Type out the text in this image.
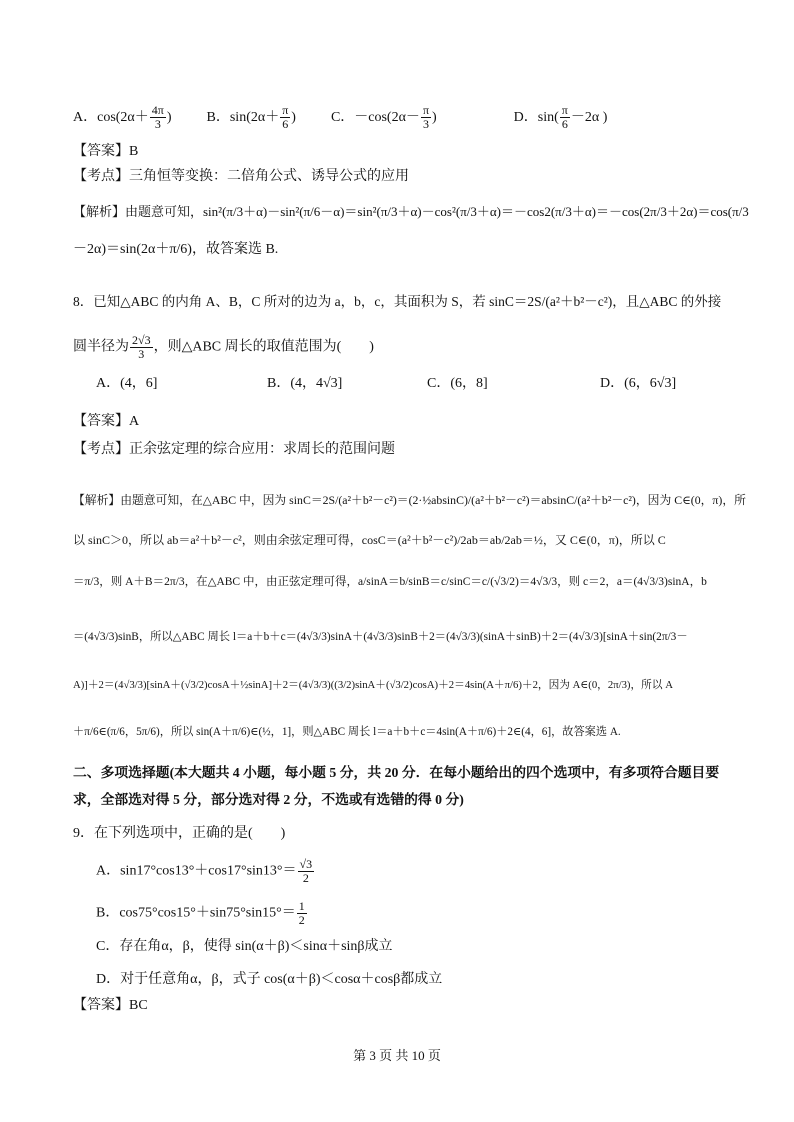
A．$\cos(2\alpha+ \frac{4\pi}{3}$ )	B．$\sin(2\alpha+ \frac{\pi}{6}$ )	C．$-\cos(2\alpha- \frac{\pi}{3}$ )	D．$\sin( \frac{\pi}{6} -2\alpha$ )
【答案】B
【考点】三角恒等变换：二倍角公式、诱导公式的应用
【解析】由题意可知，sin²(π/3＋α)－sin²(π/6－α)＝sin²(π/3＋α)－cos²(π/3＋α)＝－cos2(π/3＋α)＝－cos(2π/3＋2α)＝cos(π/3
－2α)＝sin(2α＋π/6)，故答案选 B.
8．已知△ABC 的内角 A、B，C 所对的边为 a，b，c，其面积为 S，若 sinC＝2S/(a²＋b²－c²)，且△ABC 的外接
圆半径为 $\frac{2√3}{3}$ ，则△ABC 周长的取值范围为(　　)
A．(4，6]	B．(4，4√3]	C．(6，8]	D．(6，6√3]
【答案】A
【考点】正余弦定理的综合应用：求周长的范围问题
【解析】由题意可知，在△ABC 中，因为 sinC＝2S/(a²＋b²－c²)＝(2·½absinC)/(a²＋b²－c²)＝absinC/(a²＋b²－c²)，因为 C∈(0，π)，所
以 sinC＞0，所以 ab＝a²＋b²－c²，则由余弦定理可得，cosC＝(a²＋b²－c²)/2ab＝ab/2ab＝½，又 C∈(0，π)，所以 C
＝π/3，则 A＋B＝2π/3，在△ABC 中，由正弦定理可得，a/sinA＝b/sinB＝c/sinC＝c/(√3/2)＝4√3/3，则 c＝2，a＝(4√3/3)sinA，b
＝(4√3/3)sinB，所以△ABC 周长 l＝a＋b＋c＝(4√3/3)sinA＋(4√3/3)sinB＋2＝(4√3/3)(sinA＋sinB)＋2＝(4√3/3)[sinA＋sin(2π/3－
A)]＋2＝(4√3/3)[sinA＋(√3/2)cosA＋½sinA]＋2＝(4√3/3)((3/2)sinA＋(√3/2)cosA)＋2＝4sin(A＋π/6)＋2，因为 A∈(0，2π/3)，所以 A
＋π/6∈(π/6，5π/6)，所以 sin(A＋π/6)∈(½，1]，则△ABC 周长 l＝a＋b＋c＝4sin(A＋π/6)＋2∈(4，6]，故答案选 A.
二、多项选择题(本大题共 4 小题，每小题 5 分，共 20 分．在每小题给出的四个选项中，有多项符合题目要
求，全部选对得 5 分，部分选对得 2 分，不选或有选错的得 0 分)
9．在下列选项中，正确的是(　　)
A．$\sin 17^\circ\cos 13^\circ+\cos 17^\circ\sin 13^\circ= \frac{√3}{2}$
B．$\cos 75^\circ\cos 15^\circ+\sin 75^\circ\sin 15^\circ= \frac{1}{2}$
C．存在角α，β，使得 sin(α＋β)＜sinα＋sinβ成立
D．对于任意角α，β，式子 cos(α＋β)＜cosα＋cosβ都成立
【答案】BC
第 3 页 共 10 页
